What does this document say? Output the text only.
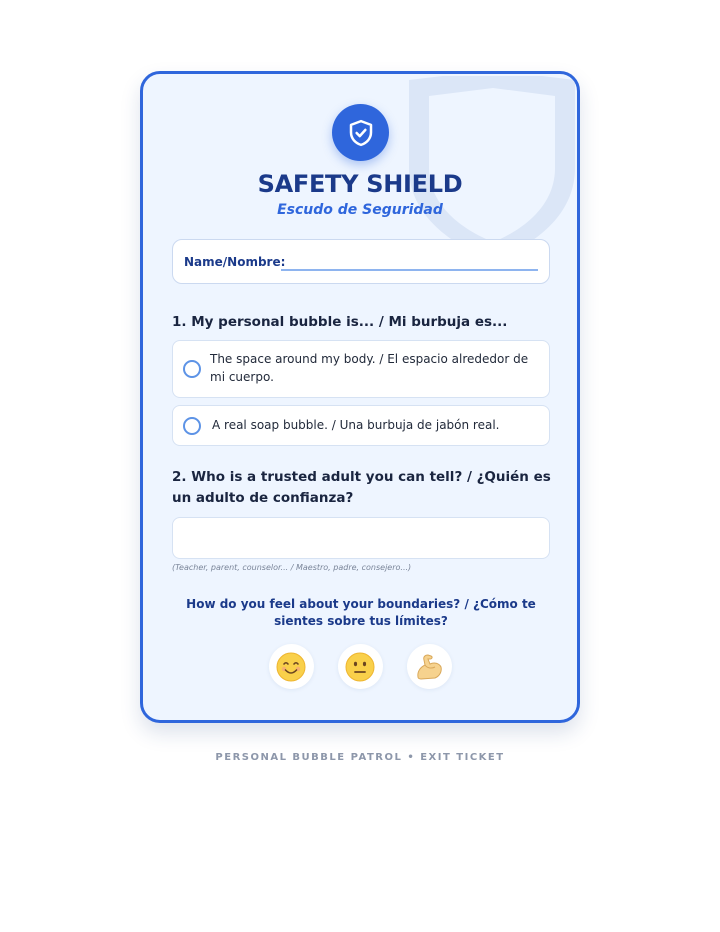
SAFETY SHIELD
Escudo de Seguridad
Name/Nombre:
1. My personal bubble is... / Mi burbuja es...
The space around my body. / El espacio alrededor de mi cuerpo.
A real soap bubble. / Una burbuja de jabón real.
2. Who is a trusted adult you can tell? / ¿Quién es un adulto de confianza?
(Teacher, parent, counselor... / Maestro, padre, consejero...)
How do you feel about your boundaries? / ¿Cómo te sientes sobre tus límites?
PERSONAL BUBBLE PATROL • EXIT TICKET
